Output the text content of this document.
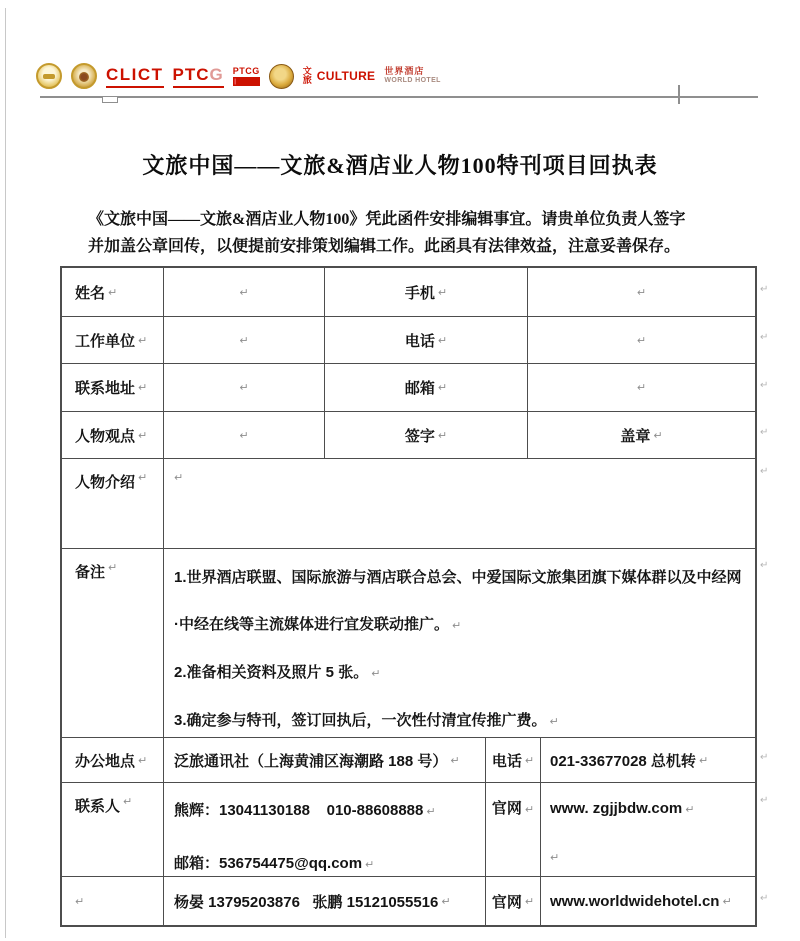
CLICT PTCG PTCG	文旅 CULTURE 世界酒店
WORLD HOTEL
文旅中国——文旅&酒店业人物100特刊项目回执表
《文旅中国——文旅&酒店业人物100》凭此函件安排编辑事宜。请贵单位负责人签字
并加盖公章回传，以便提前安排策划编辑工作。此函具有法律效益，注意妥善保存。
姓名 ↵	↵	手机 ↵	↵
工作单位 ↵	↵	电话 ↵	↵
联系地址 ↵	↵	邮箱 ↵	↵
人物观点 ↵	↵	签字 ↵	盖章 ↵
人物介绍 ↵ ↵
备注 ↵
1.世界酒店联盟、国际旅游与酒店联合总会、中爱国际文旅集团旗下媒体群以及中经网·中经在线等主流媒体进行宜发联动推广。 ↵
2.准备相关资料及照片 5 张。 ↵
3.确定参与特刊，签订回执后，一次性付清宜传推广费。 ↵
办公地点 ↵ 泛旅通讯社（上海黄浦区海潮路 188 号） ↵ 电话 ↵ 021-33677028 总机转 ↵
联系人 ↵
熊辉：13041130188    010-88608888 ↵
邮箱：536754475@qq.com ↵
官网 ↵ www. zgjjbdw.com ↵
↵
↵	杨晏 13795203876   张鹏 15121055516 ↵	官网 ↵ www.worldwidehotel.cn ↵
↵
↵
↵
↵
↵
↵
↵
↵
↵
